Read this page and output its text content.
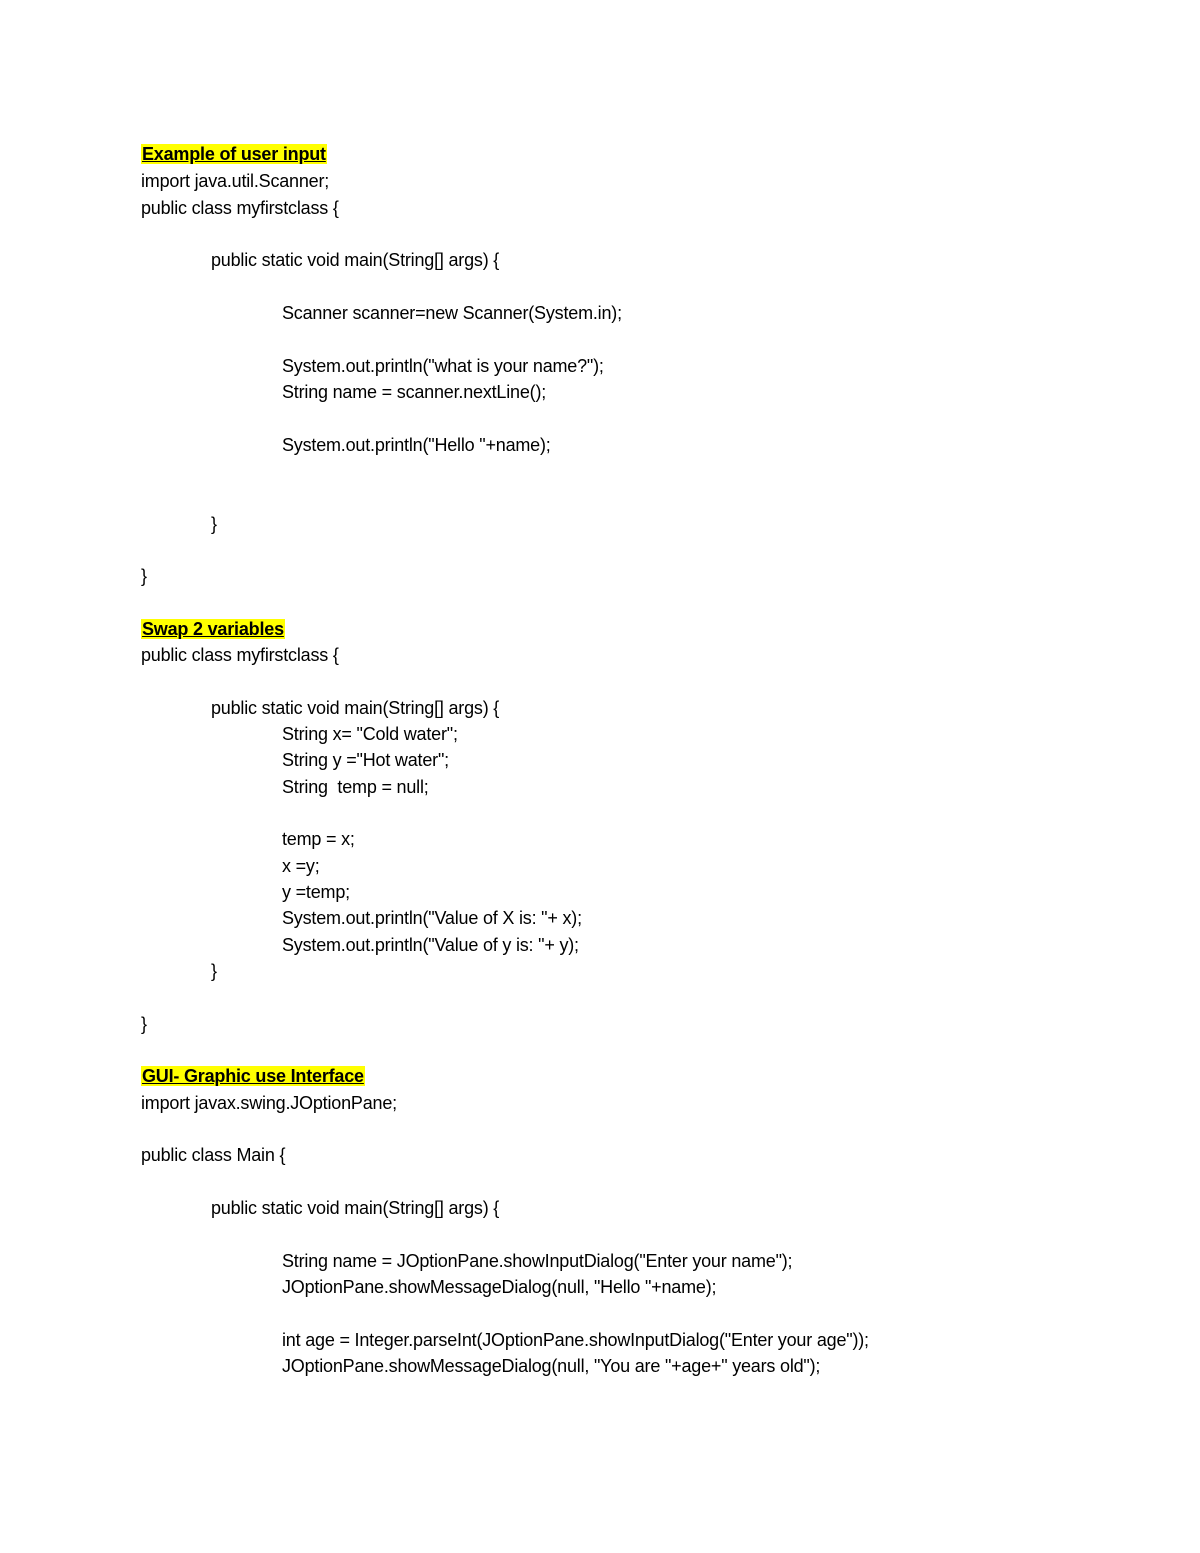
Example of user input
import java.util.Scanner;
public class myfirstclass {
public static void main(String[] args) {
Scanner scanner=new Scanner(System.in);
System.out.println("what is your name?");
String name = scanner.nextLine();
System.out.println("Hello "+name);
}
}
Swap 2 variables
public class myfirstclass {
public static void main(String[] args) {
String x= "Cold water";
String y ="Hot water";
String  temp = null;
temp = x;
x =y;
y =temp;
System.out.println("Value of X is: "+ x);
System.out.println("Value of y is: "+ y);
}
}
GUI- Graphic use Interface
import javax.swing.JOptionPane;
public class Main {
public static void main(String[] args) {
String name = JOptionPane.showInputDialog("Enter your name");
JOptionPane.showMessageDialog(null, "Hello "+name);
int age = Integer.parseInt(JOptionPane.showInputDialog("Enter your age"));
JOptionPane.showMessageDialog(null, "You are "+age+" years old");
